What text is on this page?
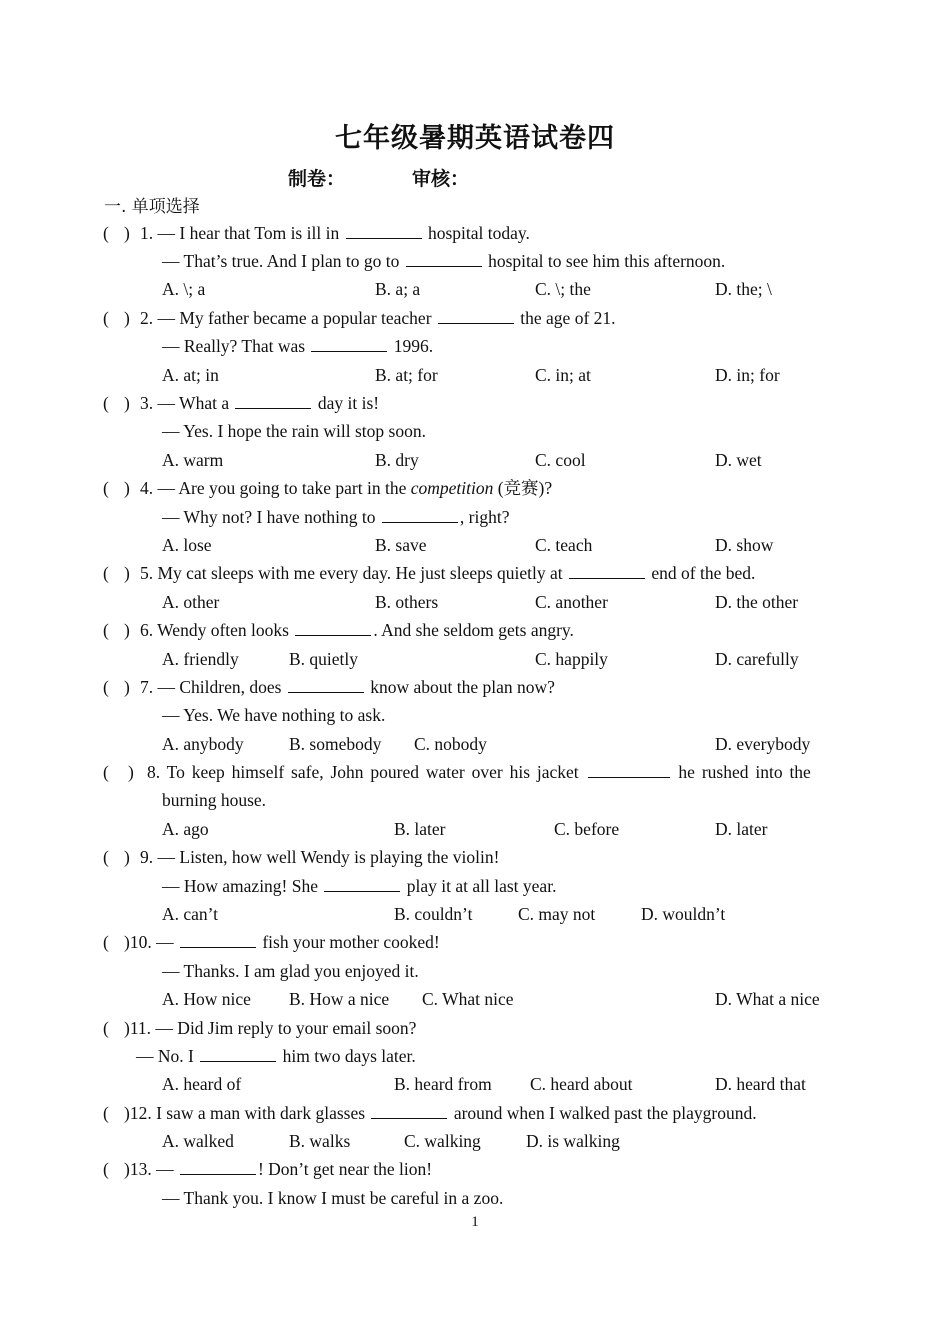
七年级暑期英语试卷四
制卷：	审核：
一. 单项选择
( ) 1. — I hear that Tom is ill in	hospital today.
— That’s true. And I plan to go to	hospital to see him this afternoon.
A. \; a	B. a; a	C. \; the	D. the; \
( ) 2. — My father became a popular teacher	the age of 21.
— Really? That was	1996.
A. at; in	B. at; for	C. in; at	D. in; for
( ) 3. — What a	day it is!
— Yes. I hope the rain will stop soon.
A. warm	B. dry	C. cool	D. wet
( ) 4. — Are you going to take part in the competition (竞赛)?
— Why not? I have nothing to	, right?
A. lose	B. save	C. teach	D. show
( ) 5. My cat sleeps with me every day. He just sleeps quietly at	end of the bed.
A. other	B. others	C. another	D. the other
( ) 6. Wendy often looks	. And she seldom gets angry.
A. friendly	B. quietly	C. happily	D. carefully
( ) 7. — Children, does	know about the plan now?
— Yes. We have nothing to ask.
A. anybody	B. somebody C. nobody	D. everybody
( ) 8. To keep himself safe, John poured water over his jacket	he rushed into the
burning house.
A. ago	B. later	C. before	D. later
( ) 9. — Listen, how well Wendy is playing the violin!
— How amazing! She	play it at all last year.
A. can’t	B. couldn’t	C. may not	D. wouldn’t
( )10. —	fish your mother cooked!
— Thanks. I am glad you enjoyed it.
A. How nice B. How a nice C. What nice	D. What a nice
( )11. — Did Jim reply to your email soon?
— No. I	him two days later.
A. heard of	B. heard from C. heard about	D. heard that
( )12. I saw a man with dark glasses	around when I walked past the playground.
A. walked	B. walks	C. walking	D. is walking
( )13. —	! Don’t get near the lion!
— Thank you. I know I must be careful in a zoo.
1
